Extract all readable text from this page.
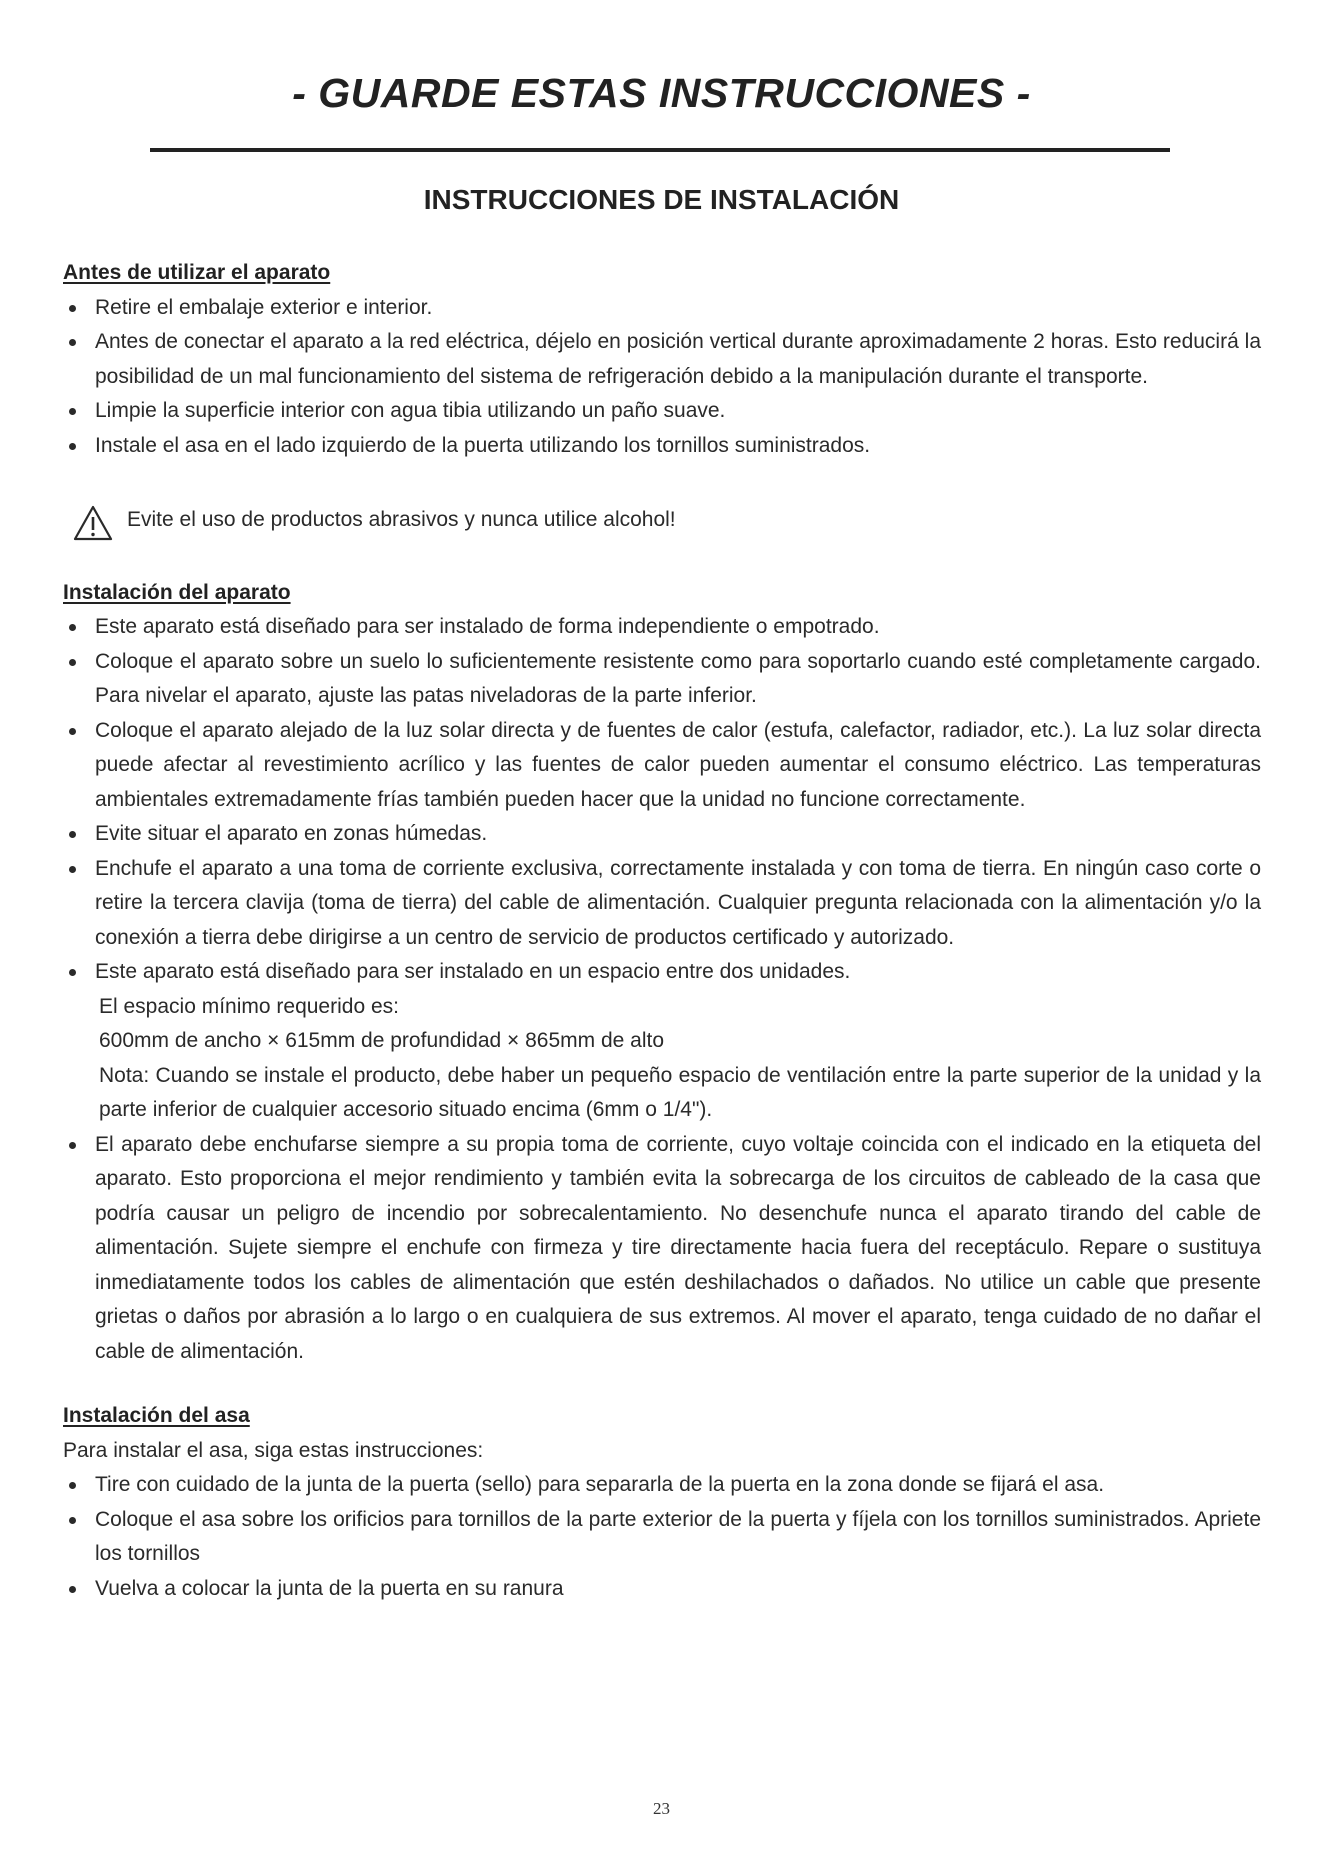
- GUARDE ESTAS INSTRUCCIONES -
INSTRUCCIONES DE INSTALACIÓN

Antes de utilizar el aparato

Retire el embalaje exterior e interior.
Antes de conectar el aparato a la red eléctrica, déjelo en posición vertical durante aproximadamente 2 horas. Esto reducirá la posibilidad de un mal funcionamiento del sistema de refrigeración debido a la manipulación durante el transporte.
Limpie la superficie interior con agua tibia utilizando un paño suave.
Instale el asa en el lado izquierdo de la puerta utilizando los tornillos suministrados.
Evite el uso de productos abrasivos y nunca utilice alcohol!

Instalación del aparato

Este aparato está diseñado para ser instalado de forma independiente o empotrado.
Coloque el aparato sobre un suelo lo suficientemente resistente como para soportarlo cuando esté completamente cargado. Para nivelar el aparato, ajuste las patas niveladoras de la parte inferior.
Coloque el aparato alejado de la luz solar directa y de fuentes de calor (estufa, calefactor, radiador, etc.). La luz solar directa puede afectar al revestimiento acrílico y las fuentes de calor pueden aumentar el consumo eléctrico. Las temperaturas ambientales extremadamente frías también pueden hacer que la unidad no funcione correctamente.
Evite situar el aparato en zonas húmedas.
Enchufe el aparato a una toma de corriente exclusiva, correctamente instalada y con toma de tierra. En ningún caso corte o retire la tercera clavija (toma de tierra) del cable de alimentación. Cualquier pregunta relacionada con la alimentación y/o la conexión a tierra debe dirigirse a un centro de servicio de productos certificado y autorizado.
Este aparato está diseñado para ser instalado en un espacio entre dos unidades.
El espacio mínimo requerido es:
600mm de ancho × 615mm de profundidad × 865mm de alto
Nota: Cuando se instale el producto, debe haber un pequeño espacio de ventilación entre la parte superior de la unidad y la parte inferior de cualquier accesorio situado encima (6mm o 1/4").
El aparato debe enchufarse siempre a su propia toma de corriente, cuyo voltaje coincida con el indicado en la etiqueta del aparato. Esto proporciona el mejor rendimiento y también evita la sobrecarga de los circuitos de cableado de la casa que podría causar un peligro de incendio por sobrecalentamiento. No desenchufe nunca el aparato tirando del cable de alimentación. Sujete siempre el enchufe con firmeza y tire directamente hacia fuera del receptáculo. Repare o sustituya inmediatamente todos los cables de alimentación que estén deshilachados o dañados. No utilice un cable que presente grietas o daños por abrasión a lo largo o en cualquiera de sus extremos. Al mover el aparato, tenga cuidado de no dañar el cable de alimentación.

Instalación del asa

Para instalar el asa, siga estas instrucciones:

Tire con cuidado de la junta de la puerta (sello) para separarla de la puerta en la zona donde se fijará el asa.
Coloque el asa sobre los orificios para tornillos de la parte exterior de la puerta y fíjela con los tornillos suministrados. Apriete los tornillos
Vuelva a colocar la junta de la puerta en su ranura
23
